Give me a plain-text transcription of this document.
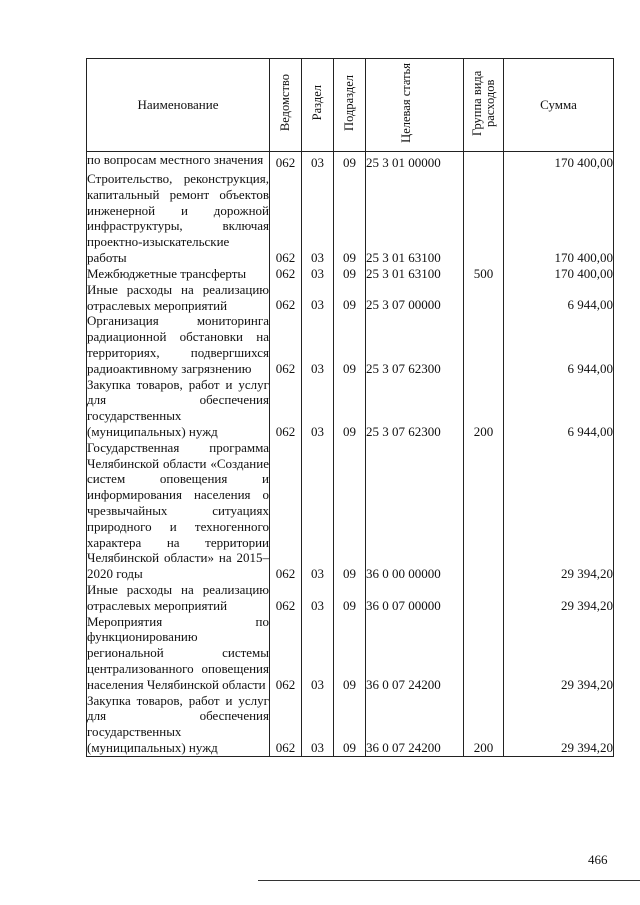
Наименование	Ведомство	Раздел	Подраздел	Целевая статья	Группа вида расходов	Сумма
по вопросам местного значения	062	03	09	25 3 01 00000		170 400,00
Строительство, реконструкция, капитальный ремонт объектов инженерной и дорожной инфраструктуры, включая проектно-изыскательские работы	062	03	09	25 3 01 63100		170 400,00
Межбюджетные трансферты	062	03	09	25 3 01 63100	500	170 400,00
Иные расходы на реализацию отраслевых мероприятий	062	03	09	25 3 07 00000		6 944,00
Организация мониторинга радиационной обстановки на территориях, подвергшихся радиоактивному загрязнению	062	03	09	25 3 07 62300		6 944,00
Закупка товаров, работ и услуг для обеспечения государственных (муниципальных) нужд	062	03	09	25 3 07 62300	200	6 944,00
Государственная программа Челябинской области «Создание систем оповещения и информирования населения о чрезвычайных ситуациях природного и техногенного характера на территории Челябинской области» на 2015–2020 годы	062	03	09	36 0 00 00000		29 394,20
Иные расходы на реализацию отраслевых мероприятий	062	03	09	36 0 07 00000		29 394,20
Мероприятия по функционированию региональной системы централизованного оповещения населения Челябинской области	062	03	09	36 0 07 24200		29 394,20
Закупка товаров, работ и услуг для обеспечения государственных (муниципальных) нужд	062	03	09	36 0 07 24200	200	29 394,20
466
